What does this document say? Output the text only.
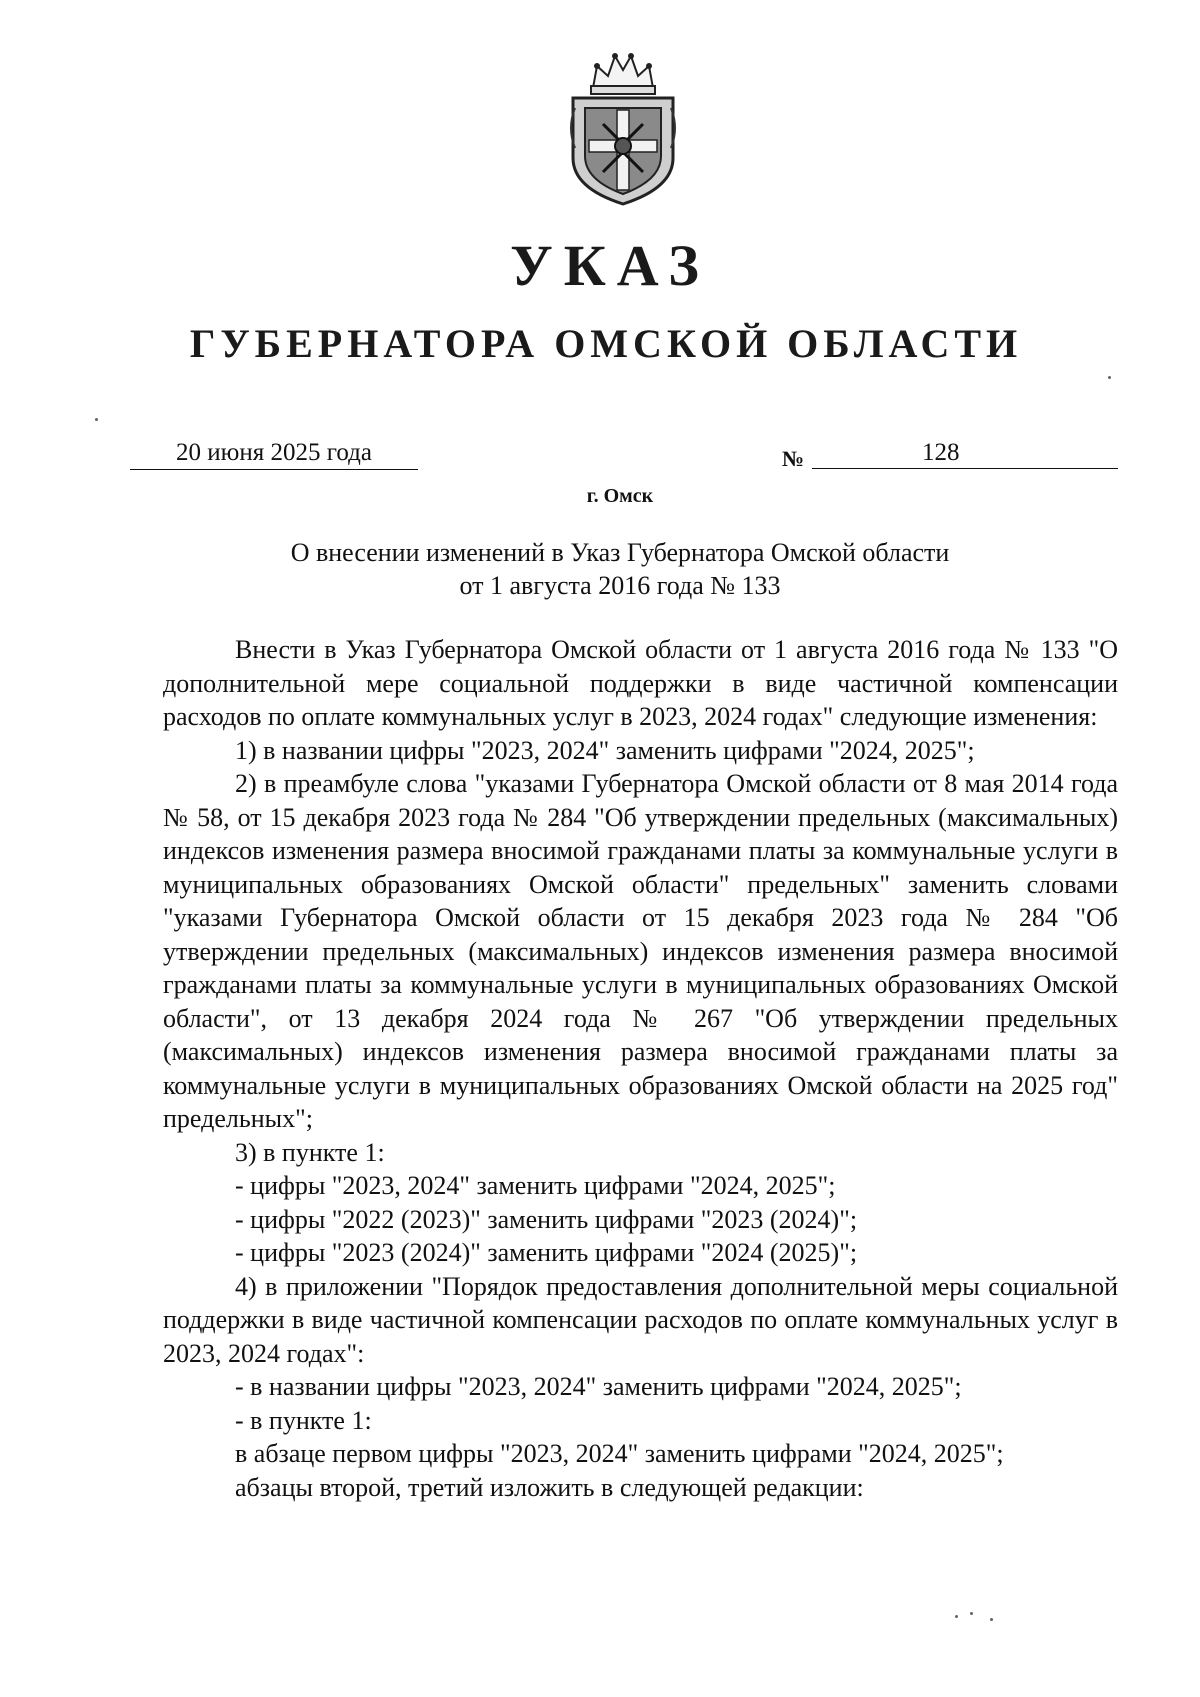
УКАЗ
ГУБЕРНАТОРА ОМСКОЙ ОБЛАСТИ
20 июня 2025 года	№	128
г. Омск
О внесении изменений в Указ Губернатора Омской области
от 1 августа 2016 года № 133

Внести в Указ Губернатора Омской области от 1 августа 2016 года № 133 "О дополнительной мере социальной поддержки в виде частичной компенсации расходов по оплате коммунальных услуг в 2023, 2024 годах" следующие изменения:

1) в названии цифры "2023, 2024" заменить цифрами "2024, 2025";

2) в преамбуле слова "указами Губернатора Омской области от 8 мая 2014 года № 58, от 15 декабря 2023 года № 284 "Об утверждении предельных (максимальных) индексов изменения размера вносимой гражданами платы за коммунальные услуги в муниципальных образованиях Омской области" предельных" заменить словами "указами Губернатора Омской области от 15 декабря 2023 года № 284 "Об утверждении предельных (максимальных) индексов изменения размера вносимой гражданами платы за коммунальные услуги в муниципальных образованиях Омской области", от 13 декабря 2024 года № 267 "Об утверждении предельных (максимальных) индексов изменения размера вносимой гражданами платы за коммунальные услуги в муниципальных образованиях Омской области на 2025 год" предельных";

3) в пункте 1:

- цифры "2023, 2024" заменить цифрами "2024, 2025";

- цифры "2022 (2023)" заменить цифрами "2023 (2024)";

- цифры "2023 (2024)" заменить цифрами "2024 (2025)";

4) в приложении "Порядок предоставления дополнительной меры социальной поддержки в виде частичной компенсации расходов по оплате коммунальных услуг в 2023, 2024 годах":

- в названии цифры "2023, 2024" заменить цифрами "2024, 2025";

- в пункте 1:

в абзаце первом цифры "2023, 2024" заменить цифрами "2024, 2025";

абзацы второй, третий изложить в следующей редакции:
